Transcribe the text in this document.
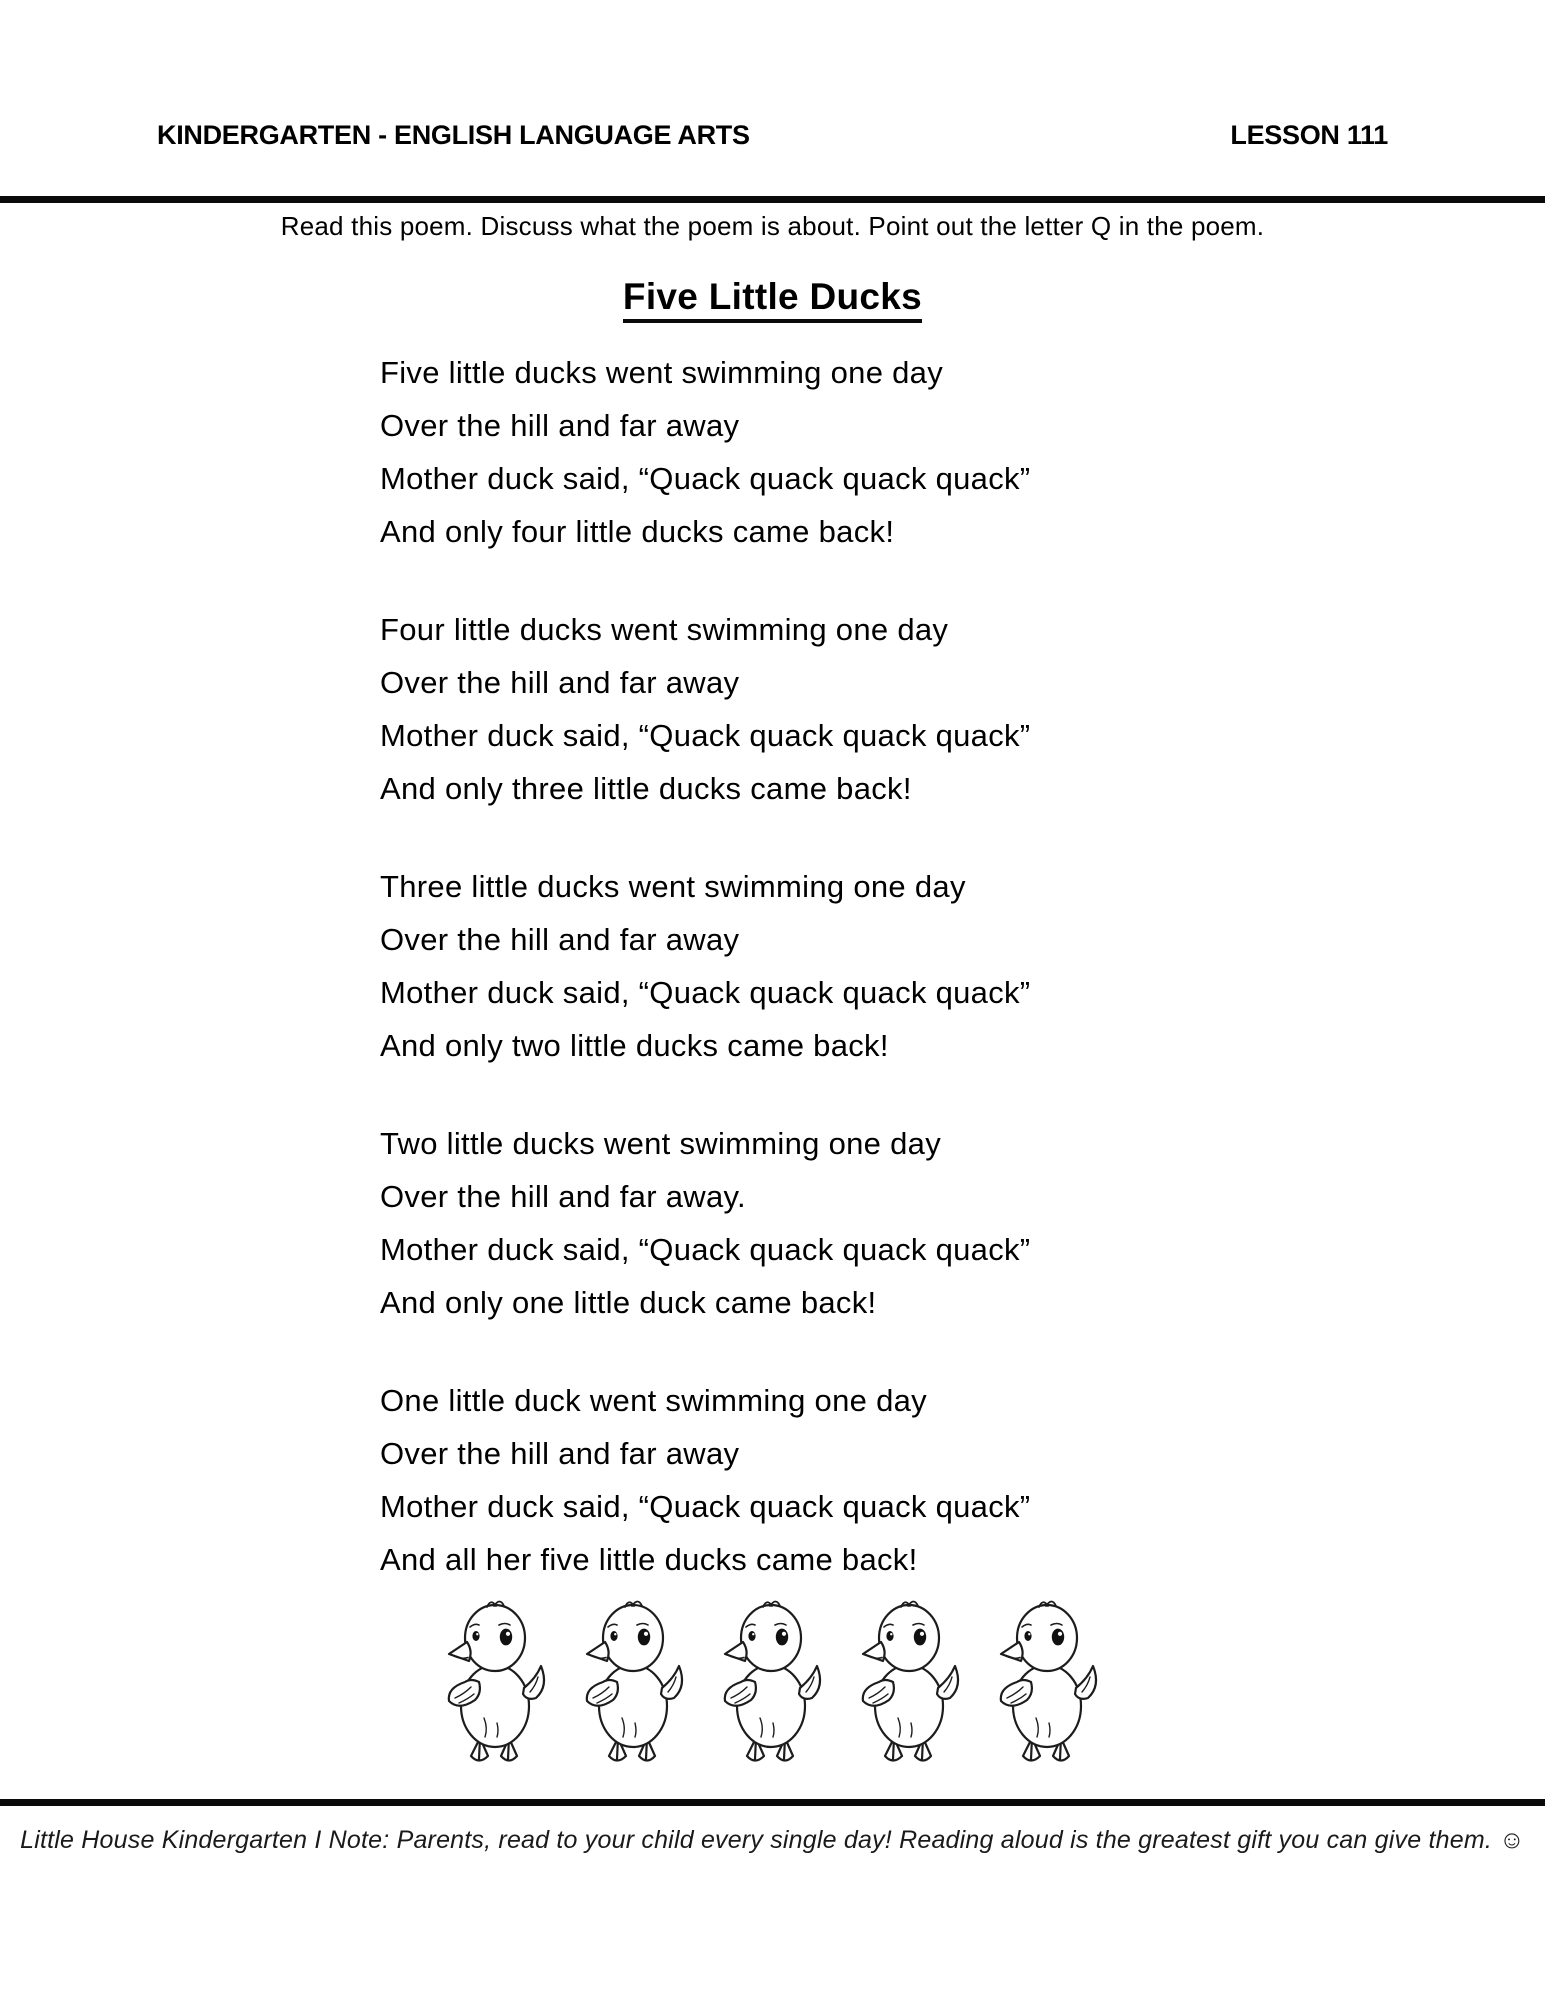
KINDERGARTEN - ENGLISH LANGUAGE ARTS	LESSON 111
Read this poem. Discuss what the poem is about. Point out the letter Q in the poem.
Five Little Ducks

Five little ducks went swimming one day

Over the hill and far away

Mother duck said, “Quack quack quack quack”

And only four little ducks came back!

Four little ducks went swimming one day

Over the hill and far away

Mother duck said, “Quack quack quack quack”

And only three little ducks came back!

Three little ducks went swimming one day

Over the hill and far away

Mother duck said, “Quack quack quack quack”

And only two little ducks came back!

Two little ducks went swimming one day

Over the hill and far away.

Mother duck said, “Quack quack quack quack”

And only one little duck came back!

One little duck went swimming one day

Over the hill and far away

Mother duck said, “Quack quack quack quack”

And all her five little ducks came back!

Little House Kindergarten I Note: Parents, read to your child every single day! Reading aloud is the greatest gift you can give them. ☺
